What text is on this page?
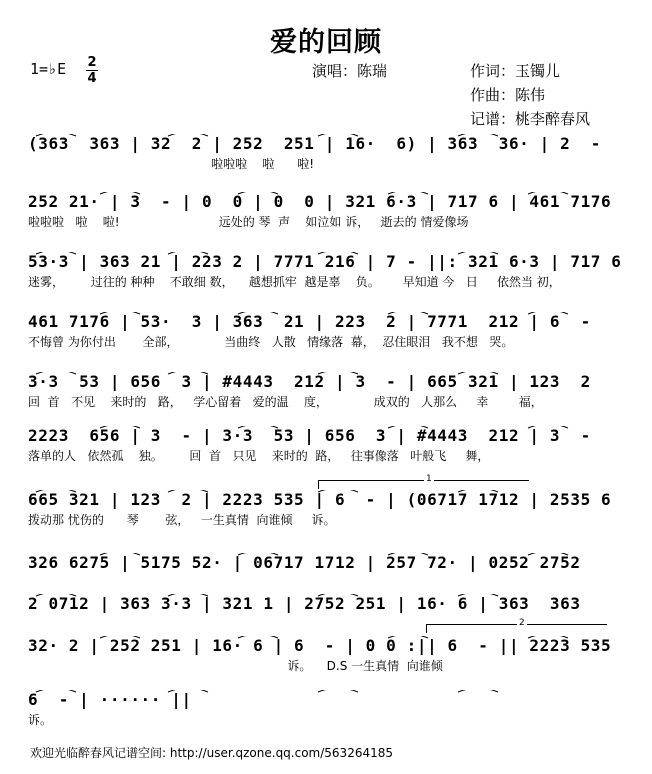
爱的回顾
1=♭E 2
4	演唱：陈瑞	作词：玉镯儿
作曲：陈伟
记谱：桃李醉春风
(363  363 | 32  2 | 252  251 | 16·  6) | 363  36· | 2  -
啦啦啦    啦      啦!
252 21· | 3  - | 0  0 | 0  0 | 321 6·3 | 717 6 | 461 7176
啦啦啦   啦    啦!                          远处的 琴  声    如泣如 诉，   逝去的 情爱像场
53·3 | 363 21 | 223 2 | 7771 216 | 7 - ||: 321 6·3 | 717 6
迷雾，       过往的 种种    不敢细 数，    越想抓牢  越是辜    负。      早知道 今   日     依然当 初，
461 7176 | 53·  3 | 363  21 | 223  2 | 7771  212 | 6  -
不悔曾 为你付出       全部，            当曲终   人散   情缘落  幕，  忍住眼泪   我不想   哭。
3·3  53 | 656  3 | #4443  212 | 3  - | 665 321 | 123  2
回  首   不见    来时的   路，   学心留着   爱的温    度，            成双的   人那么     幸        福，
2223  656 | 3  - | 3·3  53 | 656  3 | #4443  212 | 3  -
落单的人   依然孤    独。       回  首   只见    来时的  路，   往事像落   叶般飞     舞，
665 321 | 123  2 | 2223 535 | 6  - | (06717 1712 | 2535 6
拨动那 忧伤的      琴       弦，   一生真情  向谁倾     诉。
326 6275 | 5175 52· | 06717 1712 | 257 72· | 0252 2752
2 0712 | 363 3·3 | 321 1 | 2752 251 | 16· 6 | 363  363
32· 2 | 252 251 | 16· 6 | 6  - | 0 0 :|| 6  - || 2223 535
诉。    D.S 一生真情  向谁倾
6  - | ······ ||
诉。
1
2
欢迎光临醉春风记谱空间: http://user.qzone.qq.com/563264185
